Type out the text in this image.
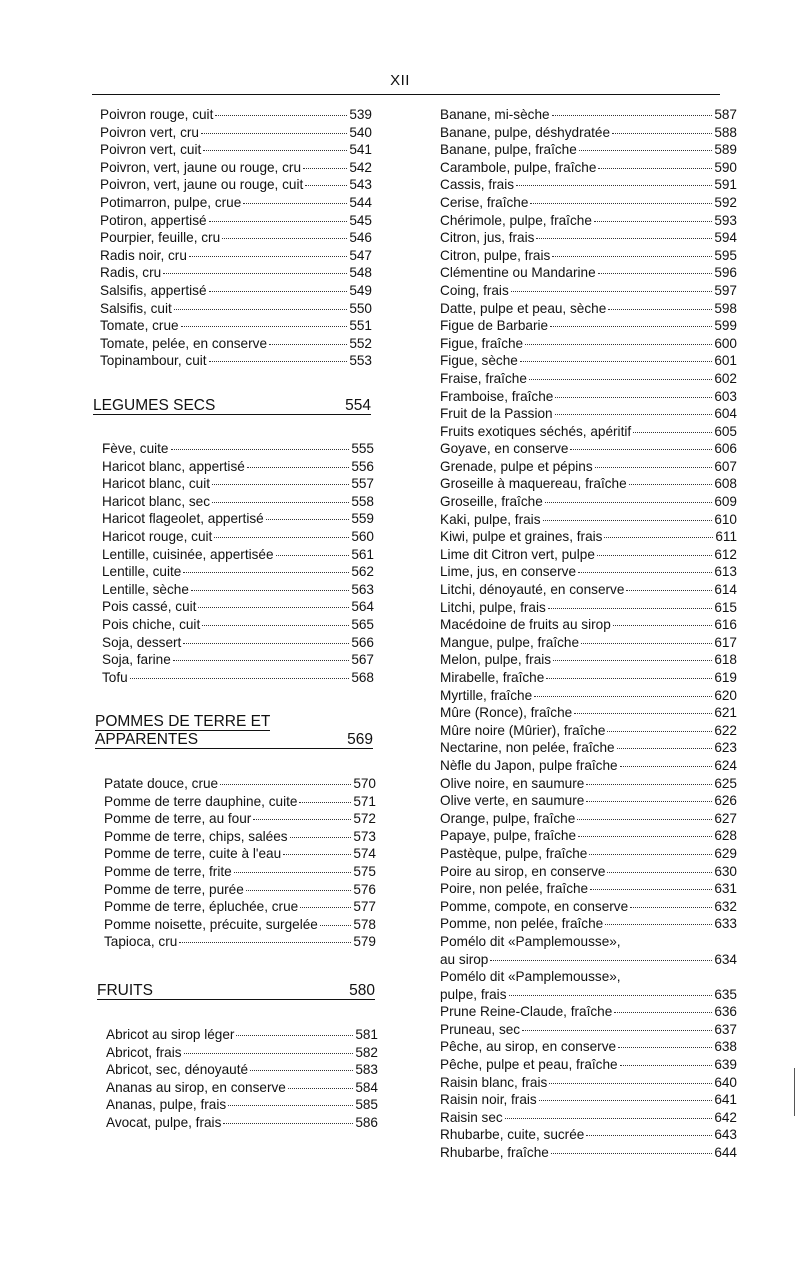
XII
Poivron rouge, cuit	539
Poivron vert, cru	540
Poivron vert, cuit	541
Poivron, vert, jaune ou rouge, cru	542
Poivron, vert, jaune ou rouge, cuit	543
Potimarron, pulpe, crue	544
Potiron, appertisé	545
Pourpier, feuille, cru	546
Radis noir, cru	547
Radis, cru	548
Salsifis, appertisé	549
Salsifis, cuit	550
Tomate, crue	551
Tomate, pelée, en conserve	552
Topinambour, cuit	553
LEGUMES SECS	554
Fève, cuite	555
Haricot blanc, appertisé	556
Haricot blanc, cuit	557
Haricot blanc, sec	558
Haricot flageolet, appertisé	559
Haricot rouge, cuit	560
Lentille, cuisinée, appertisée	561
Lentille, cuite	562
Lentille, sèche	563
Pois cassé, cuit	564
Pois chiche, cuit	565
Soja, dessert	566
Soja, farine	567
Tofu	568
POMMES DE TERRE ET
APPARENTES	569
Patate douce, crue	570
Pomme de terre dauphine, cuite	571
Pomme de terre, au four	572
Pomme de terre, chips, salées	573
Pomme de terre, cuite à l'eau	574
Pomme de terre, frite	575
Pomme de terre, purée	576
Pomme de terre, épluchée, crue	577
Pomme noisette, précuite, surgelée	578
Tapioca, cru	579
FRUITS	580
Abricot au sirop léger	581
Abricot, frais	582
Abricot, sec, dénoyauté	583
Ananas au sirop, en conserve	584
Ananas, pulpe, frais	585
Avocat, pulpe, frais	586
Banane, mi-sèche	587
Banane, pulpe, déshydratée	588
Banane, pulpe, fraîche	589
Carambole, pulpe, fraîche	590
Cassis, frais	591
Cerise, fraîche	592
Chérimole, pulpe, fraîche	593
Citron, jus, frais	594
Citron, pulpe, frais	595
Clémentine ou Mandarine	596
Coing, frais	597
Datte, pulpe et peau, sèche	598
Figue de Barbarie	599
Figue, fraîche	600
Figue, sèche	601
Fraise, fraîche	602
Framboise, fraîche	603
Fruit de la Passion	604
Fruits exotiques séchés, apéritif	605
Goyave, en conserve	606
Grenade, pulpe et pépins	607
Groseille à maquereau, fraîche	608
Groseille, fraîche	609
Kaki, pulpe, frais	610
Kiwi, pulpe et graines, frais	611
Lime dit Citron vert, pulpe	612
Lime, jus, en conserve	613
Litchi, dénoyauté, en conserve	614
Litchi, pulpe, frais	615
Macédoine de fruits au sirop	616
Mangue, pulpe, fraîche	617
Melon, pulpe, frais	618
Mirabelle, fraîche	619
Myrtille, fraîche	620
Mûre (Ronce), fraîche	621
Mûre noire (Mûrier), fraîche	622
Nectarine, non pelée, fraîche	623
Nèfle du Japon, pulpe fraîche	624
Olive noire, en saumure	625
Olive verte, en saumure	626
Orange, pulpe, fraîche	627
Papaye, pulpe, fraîche	628
Pastèque, pulpe, fraîche	629
Poire au sirop, en conserve	630
Poire, non pelée, fraîche	631
Pomme, compote, en conserve	632
Pomme, non pelée, fraîche	633
Pomélo dit «Pamplemousse»,
au sirop	634
Pomélo dit «Pamplemousse»,
pulpe, frais	635
Prune Reine-Claude, fraîche	636
Pruneau, sec	637
Pêche, au sirop, en conserve	638
Pêche, pulpe et peau, fraîche	639
Raisin blanc, frais	640
Raisin noir, frais	641
Raisin sec	642
Rhubarbe, cuite, sucrée	643
Rhubarbe, fraîche	644
